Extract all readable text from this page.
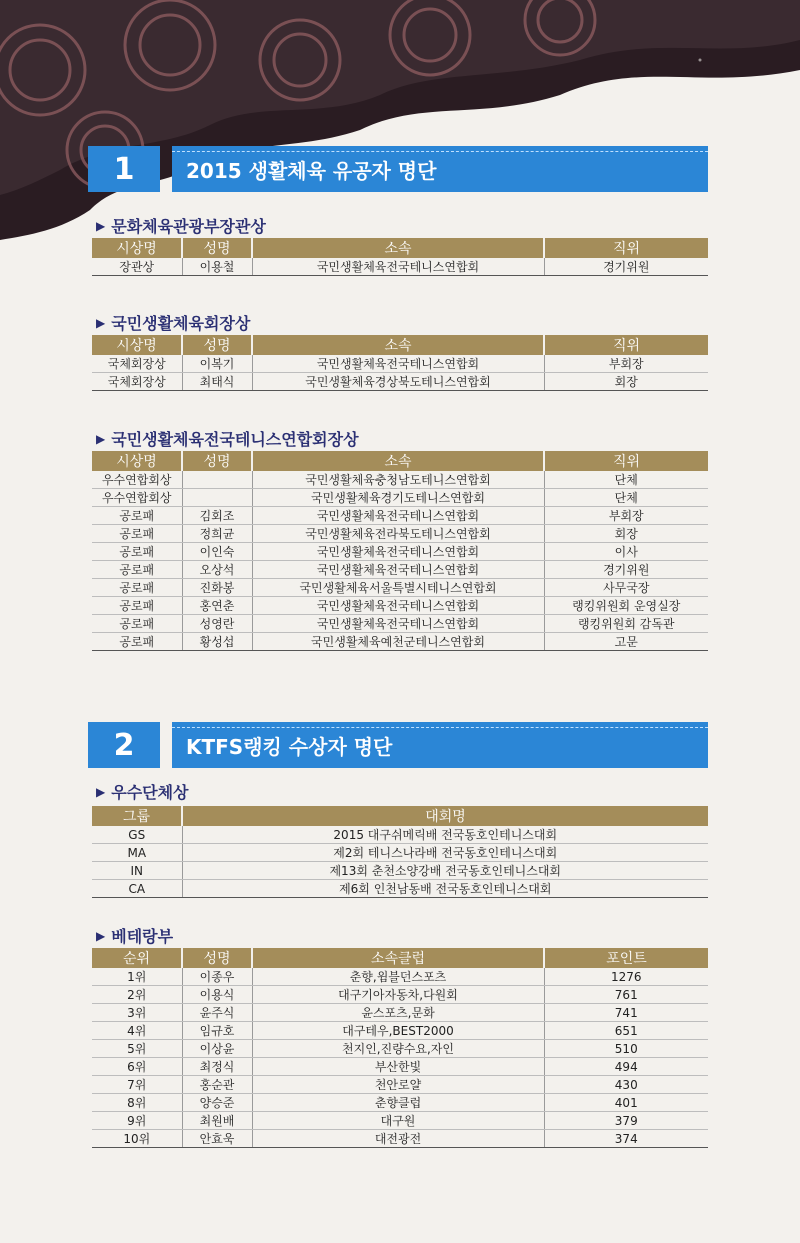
1	2015 생활체육 유공자 명단
▶ 문화체육관광부장관상
시상명	성명	소속	직위
장관상	이용철	국민생활체육전국테니스연합회	경기위원
▶ 국민생활체육회장상
시상명	성명	소속	직위
국체회장상	이복기	국민생활체육전국테니스연합회	부회장
국체회장상	최태식	국민생활체육경상북도테니스연합회	회장
▶ 국민생활체육전국테니스연합회장상
시상명	성명	소속	직위
우수연합회상		국민생활체육충청남도테니스연합회	단체
우수연합회상		국민생활체육경기도테니스연합회	단체
공로패	김회조	국민생활체육전국테니스연합회	부회장
공로패	정희균	국민생활체육전라북도테니스연합회	회장
공로패	이인숙	국민생활체육전국테니스연합회	이사
공로패	오상석	국민생활체육전국테니스연합회	경기위원
공로패	진화봉	국민생활체육서울특별시테니스연합회	사무국장
공로패	홍연춘	국민생활체육전국테니스연합회	랭킹위원회 운영실장
공로패	성영란	국민생활체육전국테니스연합회	랭킹위원회 감독관
공로패	황성섭	국민생활체육예천군테니스연합회	고문
2	KTFS랭킹 수상자 명단
▶ 우수단체상
그룹	대회명
GS	2015 대구쉬메릭배 전국동호인테니스대회
MA	제2회 테니스나라배 전국동호인테니스대회
IN	제13회 춘천소양강배 전국동호인테니스대회
CA	제6회 인천남동배 전국동호인테니스대회
▶ 베테랑부
순위	성명	소속클럽	포인트
1위	이종우	춘향,윔블던스포츠	1276
2위	이용식	대구기아자동차,다원회	761
3위	윤주식	윤스포츠,문화	741
4위	임규호	대구테우,BEST2000	651
5위	이상윤	천지인,진량수요,자인	510
6위	최정식	부산한빛	494
7위	홍순관	천안로얄	430
8위	양승준	춘향클럽	401
9위	최원배	대구원	379
10위	안효욱	대전광전	374
